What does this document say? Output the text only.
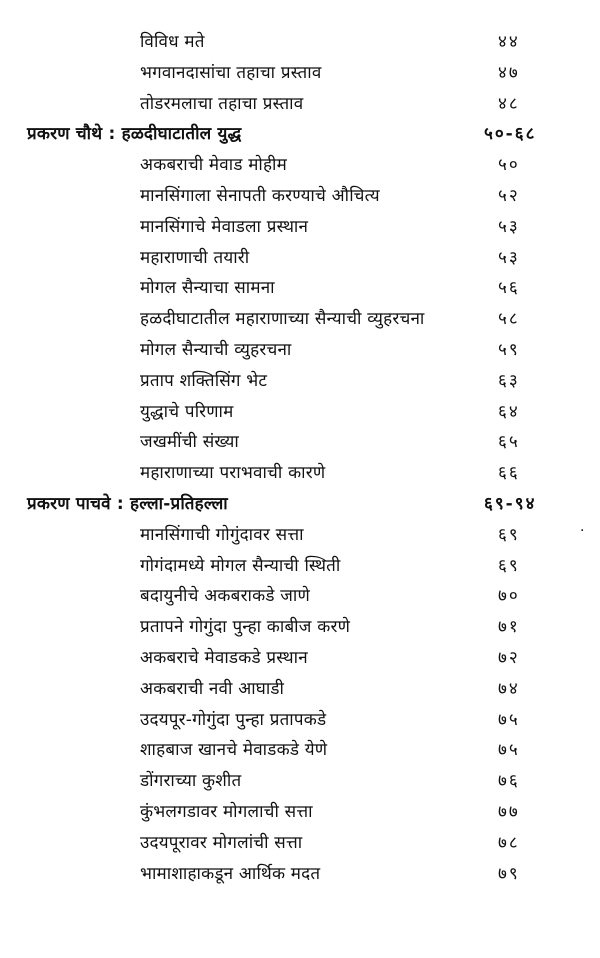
विविध मते	४४
भगवानदासांचा तहाचा प्रस्ताव	४७
तोडरमलाचा तहाचा प्रस्ताव	४८
प्रकरण चौथे : हळदीघाटातील युद्ध	५०-६८
अकबराची मेवाड मोहीम	५०
मानसिंगाला सेनापती करण्याचे औचित्य	५२
मानसिंगाचे मेवाडला प्रस्थान	५३
महाराणाची तयारी	५३
मोगल सैन्याचा सामना	५६
हळदीघाटातील महाराणाच्या सैन्याची व्युहरचना	५८
मोगल सैन्याची व्युहरचना	५९
प्रताप शक्तिसिंग भेट	६३
युद्धाचे परिणाम	६४
जखमींची संख्या	६५
महाराणाच्या पराभवाची कारणे	६६
प्रकरण पाचवे : हल्ला-प्रतिहल्ला	६९-९४
मानसिंगाची गोगुंदावर सत्ता	६९
गोगंदामध्ये मोगल सैन्याची स्थिती	६९
बदायुनीचे अकबराकडे जाणे	७०
प्रतापने गोगुंदा पुन्हा काबीज करणे	७१
अकबराचे मेवाडकडे प्रस्थान	७२
अकबराची नवी आघाडी	७४
उदयपूर-गोगुंदा पुन्हा प्रतापकडे	७५
शाहबाज खानचे मेवाडकडे येणे	७५
डोंगराच्या कुशीत	७६
कुंभलगडावर मोगलाची सत्ता	७७
उदयपूरावर मोगलांची सत्ता	७८
भामाशाहाकडून आर्थिक मदत	७९
.
